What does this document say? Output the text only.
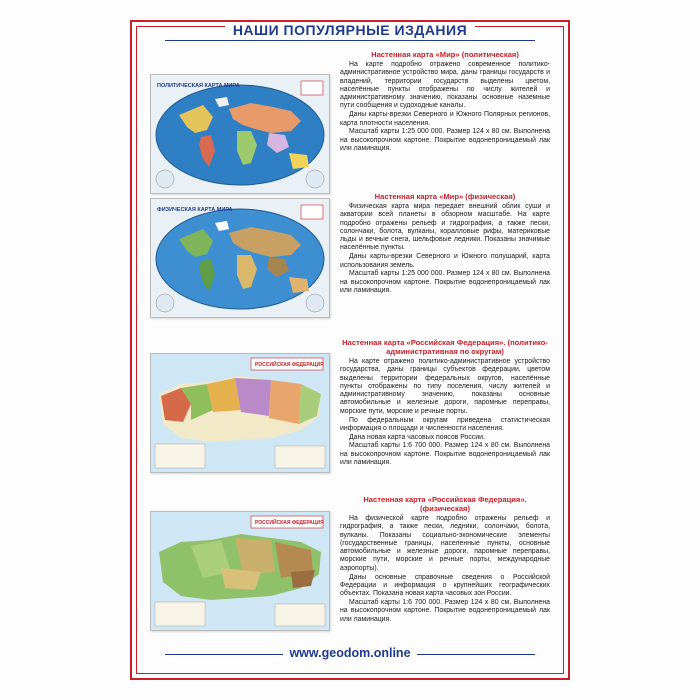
НАШИ ПОПУЛЯРНЫЕ ИЗДАНИЯ
ПОЛИТИЧЕСКАЯ КАРТА МИРА
Настенная карта «Мир» (политическая)

На карте подробно отражено современное политико-административное устройство мира, даны границы государств и владений, территории государств выделены цветом, населённые пункты отображены по числу жителей и административному значению, показаны основные наземные пути сообщения и судоходные каналы.

Даны карты-врезки Северного и Южного Полярных регионов, карта плотности населения.

Масштаб карты 1:25 000 000. Размер 124 х 80 см. Выполнена на высокопрочном картоне. Покрытие водонепроницаемый лак или ламинация.

ФИЗИЧЕСКАЯ КАРТА МИРА
Настенная карта «Мир» (физическая)

Физическая карта мира передает внешний облик суши и акватории всей планеты в обзорном масштабе. На карте подробно отражены рельеф и гидрография, а также пески, солончаки, болота, вулканы, коралловые рифы, материковые льды и вечные снега, шельфовые ледники. Показаны значимые населённые пункты.

Даны карты-врезки Северного и Южного полушарий, карта использования земель.

Масштаб карты 1:25 000 000. Размер 124 х 80 см. Выполнена на высокопрочном картоне. Покрытие водонепроницаемый лак или ламинация.

РОССИЙСКАЯ ФЕДЕРАЦИЯ
Настенная карта «Российская Федерация». (политико-административная по округам)

На карте отражено политико-административное устройство государства, даны границы субъектов федерации, цветом выделены территории федеральных округов, населённые пункты отображены по типу поселения, числу жителей и административному значению, показаны основные автомобильные и железные дороги, паромные переправы, морские пути, морские и речные порты.

По федеральным округам приведена статистическая информация о площади и численности населения.

Дана новая карта часовых поясов России.

Масштаб карты 1:6 700 000. Размер 124 х 80 см. Выполнена на высокопрочном картоне. Покрытие водонепроницаемый лак или ламинация.

РОССИЙСКАЯ ФЕДЕРАЦИЯ
Настенная карта «Российская Федерация». (физическая)

На физической карте подробно отражены рельеф и гидрография, а также пески, ледники, солончаки, болота, вулканы. Показаны социально-экономические элементы (государственные границы, населенные пункты, основные автомобильные и железные дороги, паромные переправы, морские пути, морские и речные порты, международные аэропорты).

Даны основные справочные сведения о Российской Федерации и информация о крупнейших географических объектах. Показана новая карта часовых зон России.

Масштаб карты 1:6 700 000. Размер 124 х 80 см. Выполнена на высокопрочном картоне. Покрытие водонепроницаемый лак или ламинация.

www.geodom.online
